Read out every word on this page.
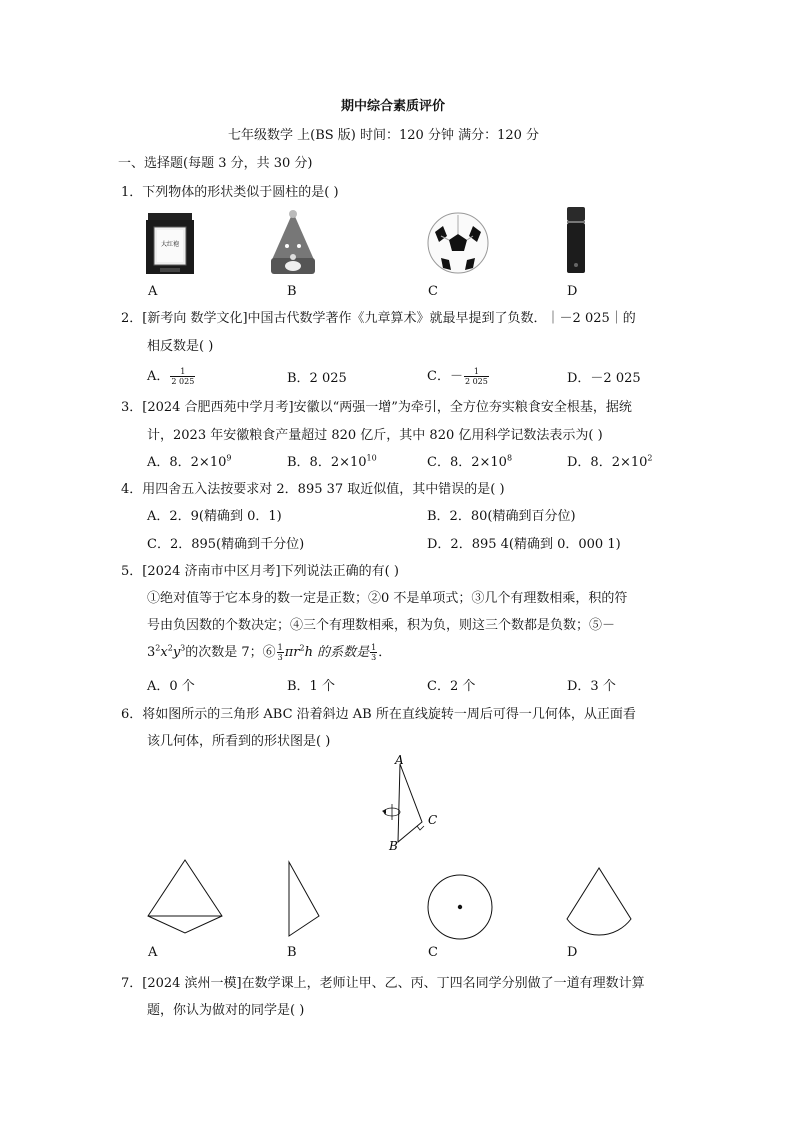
期中综合素质评价
七年级数学 上(BS 版) 时间：120 分钟 满分：120 分
一、选择题(每题 3 分，共 30 分)
1．下列物体的形状类似于圆柱的是( )
大红袍
A	B	C	D
2．[新考向 数学文化]中国古代数学著作《九章算术》就最早提到了负数．｜－2 025｜的
相反数是( )
A． $\frac{1}{2 025}$	B．2 025	C．－ $\frac{1}{2 025}$	D．－2 025
3．[2024 合肥西苑中学月考]安徽以“两强一增”为牵引，全方位夯实粮食安全根基，据统
计，2023 年安徽粮食产量超过 820 亿斤，其中 820 亿用科学记数法表示为( )
A．8．$2\times 10^9$	B．8．$2\times 10^{10}$	C．8．$2\times 10^8$	D．8．$2\times 10^2$
4．用四舍五入法按要求对 2．895 37 取近似值，其中错误的是( )
A．2．9(精确到 0．1)	B．2．80(精确到百分位)
C．2．895(精确到千分位)	D．2．895 4(精确到 0．000 1)
5．[2024 济南市中区月考]下列说法正确的有( )
①绝对值等于它本身的数一定是正数；②0 不是单项式；③几个有理数相乘，积的符
号由负因数的个数决定；④三个有理数相乘，积为负，则这三个数都是负数；⑤－
$3^2x^2y^3$的次数是 7；⑥ $\frac{1}{3} \pi r^2h$ 的系数是 $\frac{1}{3}$ ．
A．0 个	B．1 个	C．2 个	D．3 个
6．将如图所示的三角形 ABC 沿着斜边 AB 所在直线旋转一周后可得一几何体，从正面看
该几何体，所看到的形状图是( )
A
B
C
A	B	C	D
7．[2024 滨州一模]在数学课上，老师让甲、乙、丙、丁四名同学分别做了一道有理数计算
题，你认为做对的同学是( )
